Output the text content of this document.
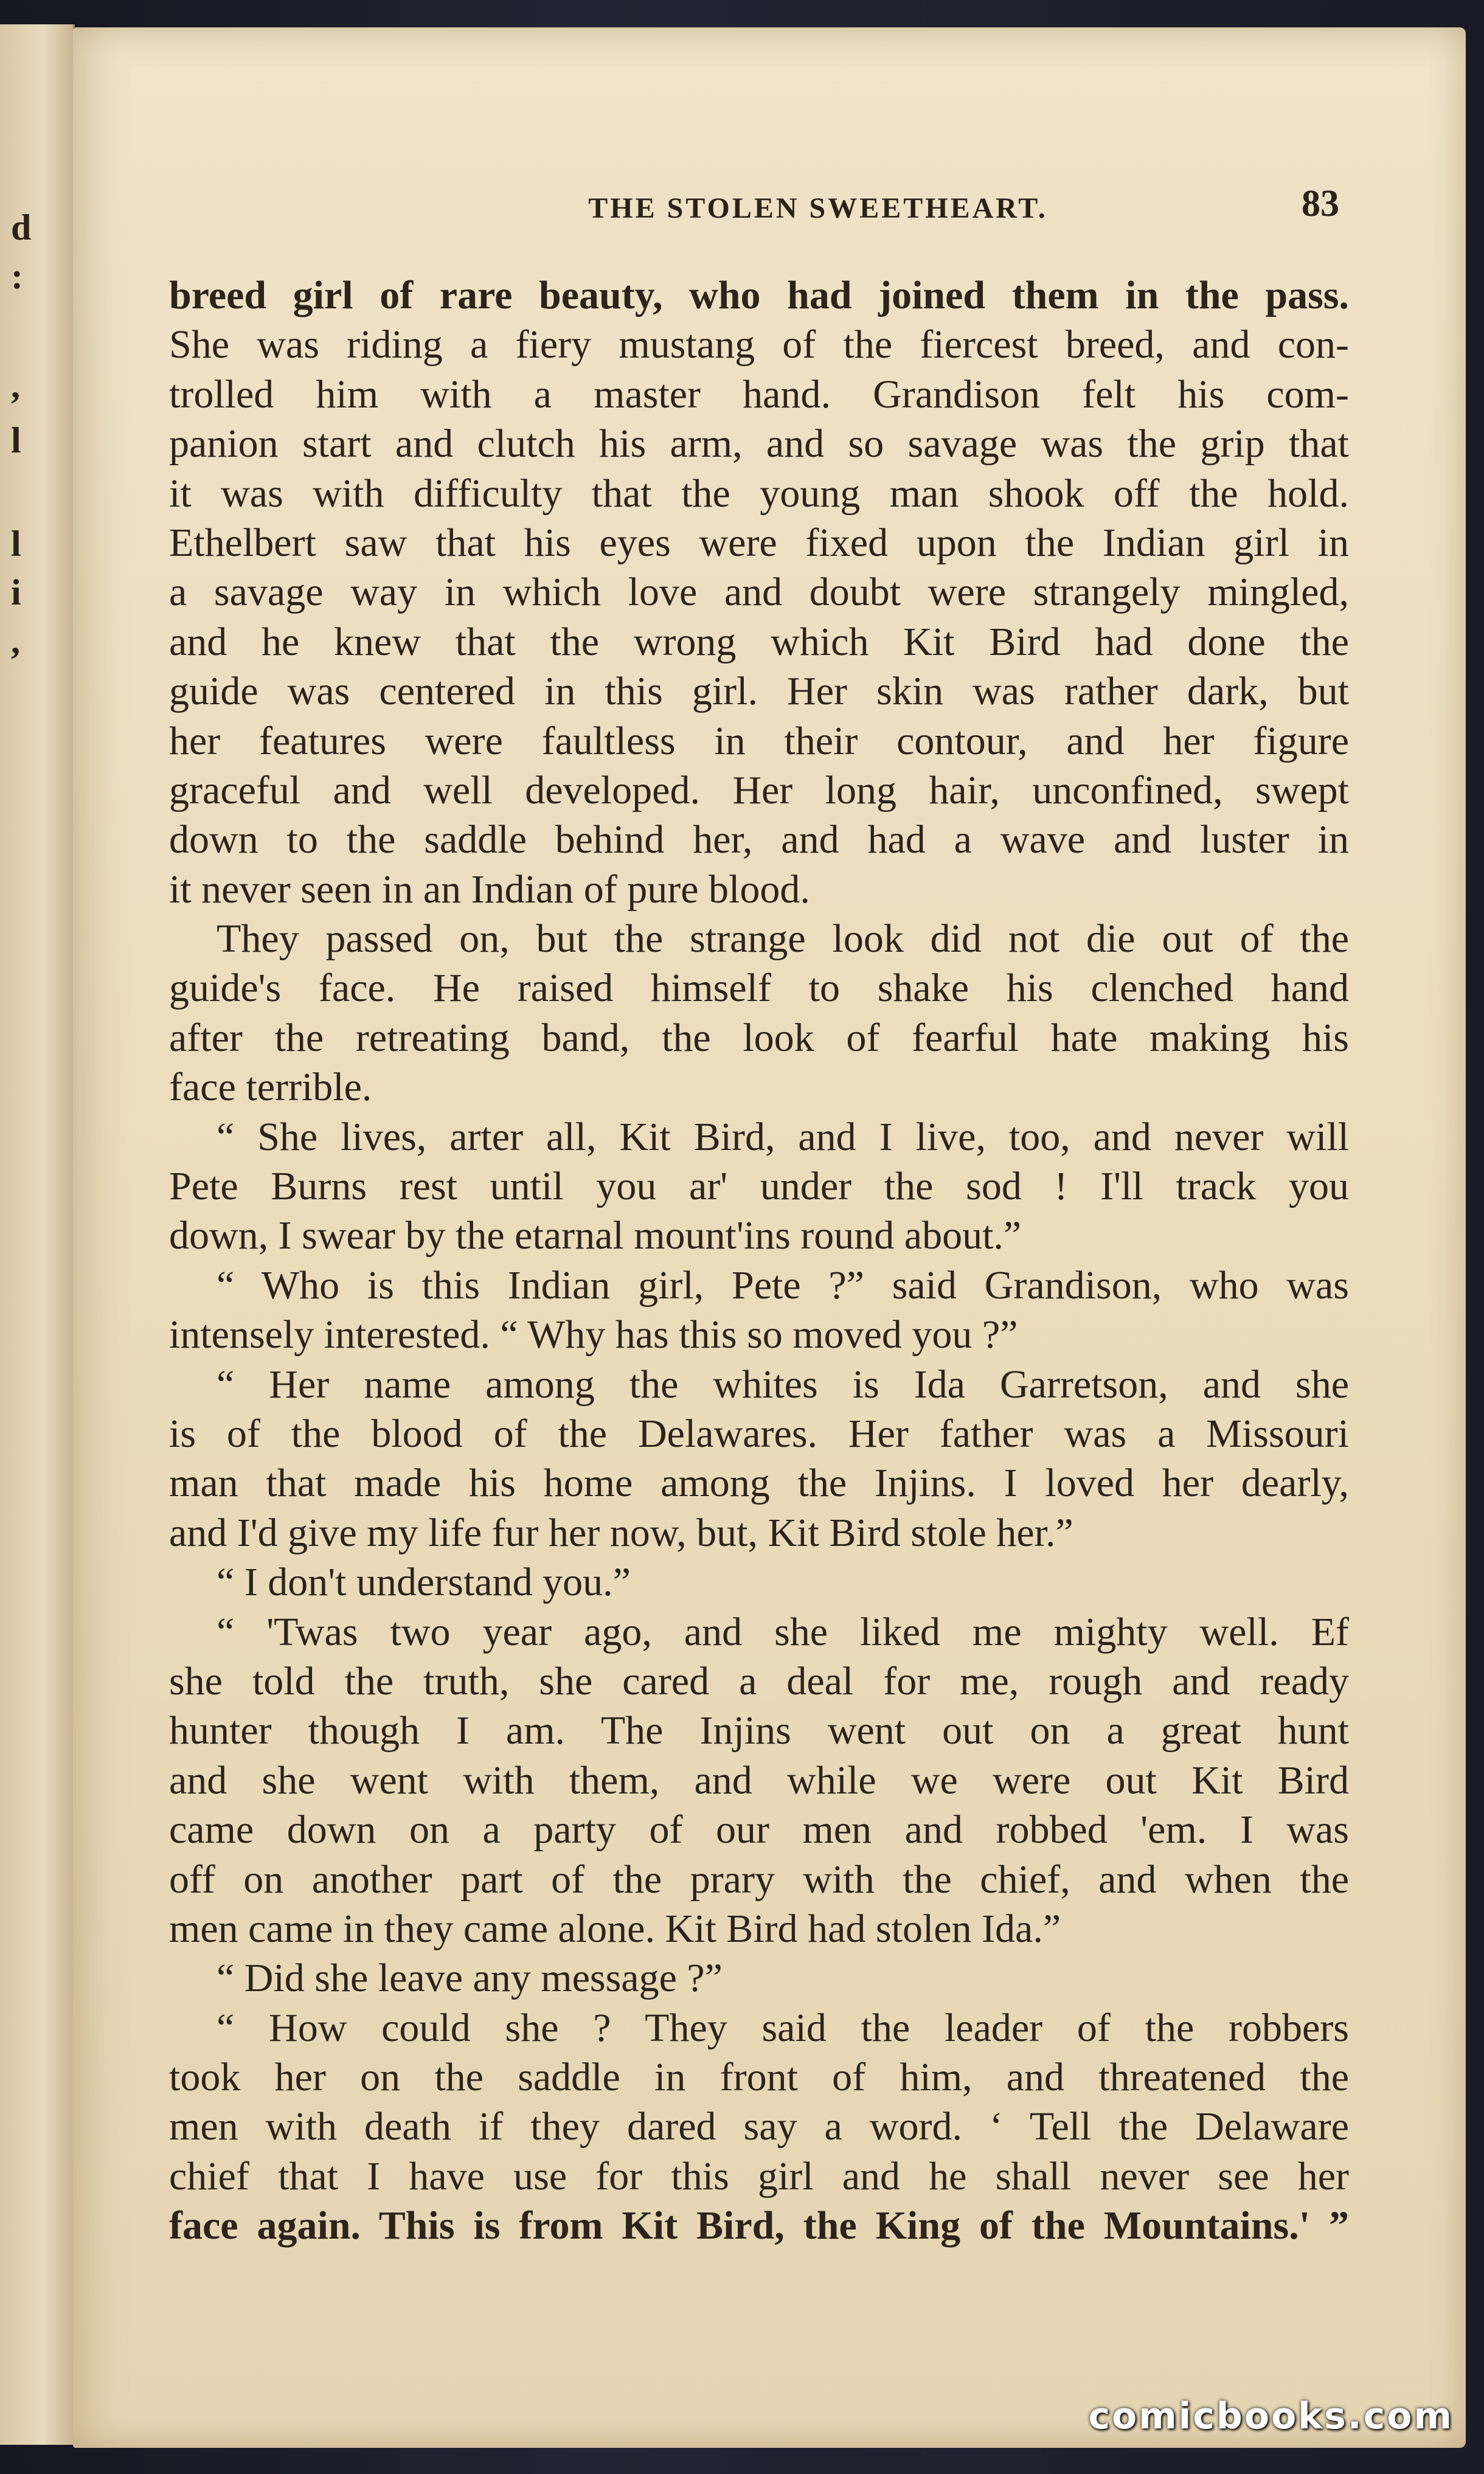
d
:
,
l
l
i
,
THE STOLEN SWEETHEART.	83
breed girl of rare beauty, who had joined them in the pass.
She was riding a fiery mustang of the fiercest breed, and con-
trolled him with a master hand. Grandison felt his com-
panion start and clutch his arm, and so savage was the grip that
it was with difficulty that the young man shook off the hold.
Ethelbert saw that his eyes were fixed upon the Indian girl in
a savage way in which love and doubt were strangely mingled,
and he knew that the wrong which Kit Bird had done the
guide was centered in this girl. Her skin was rather dark, but
her features were faultless in their contour, and her figure
graceful and well developed. Her long hair, unconfined, swept
down to the saddle behind her, and had a wave and luster in
it never seen in an Indian of pure blood.
They passed on, but the strange look did not die out of the
guide's face. He raised himself to shake his clenched hand
after the retreating band, the look of fearful hate making his
face terrible.
“ She lives, arter all, Kit Bird, and I live, too, and never will
Pete Burns rest until you ar' under the sod ! I'll track you
down, I swear by the etarnal mount'ins round about.”
“ Who is this Indian girl, Pete ?” said Grandison, who was
intensely interested. “ Why has this so moved you ?”
“ Her name among the whites is Ida Garretson, and she
is of the blood of the Delawares. Her father was a Missouri
man that made his home among the Injins. I loved her dearly,
and I'd give my life fur her now, but, Kit Bird stole her.”
“ I don't understand you.”
“ 'Twas two year ago, and she liked me mighty well. Ef
she told the truth, she cared a deal for me, rough and ready
hunter though I am. The Injins went out on a great hunt
and she went with them, and while we were out Kit Bird
came down on a party of our men and robbed 'em. I was
off on another part of the prary with the chief, and when the
men came in they came alone. Kit Bird had stolen Ida.”
“ Did she leave any message ?”
“ How could she ? They said the leader of the robbers
took her on the saddle in front of him, and threatened the
men with death if they dared say a word. ‘ Tell the Delaware
chief that I have use for this girl and he shall never see her
face again. This is from Kit Bird, the King of the Mountains.' ”
comicbooks.com
